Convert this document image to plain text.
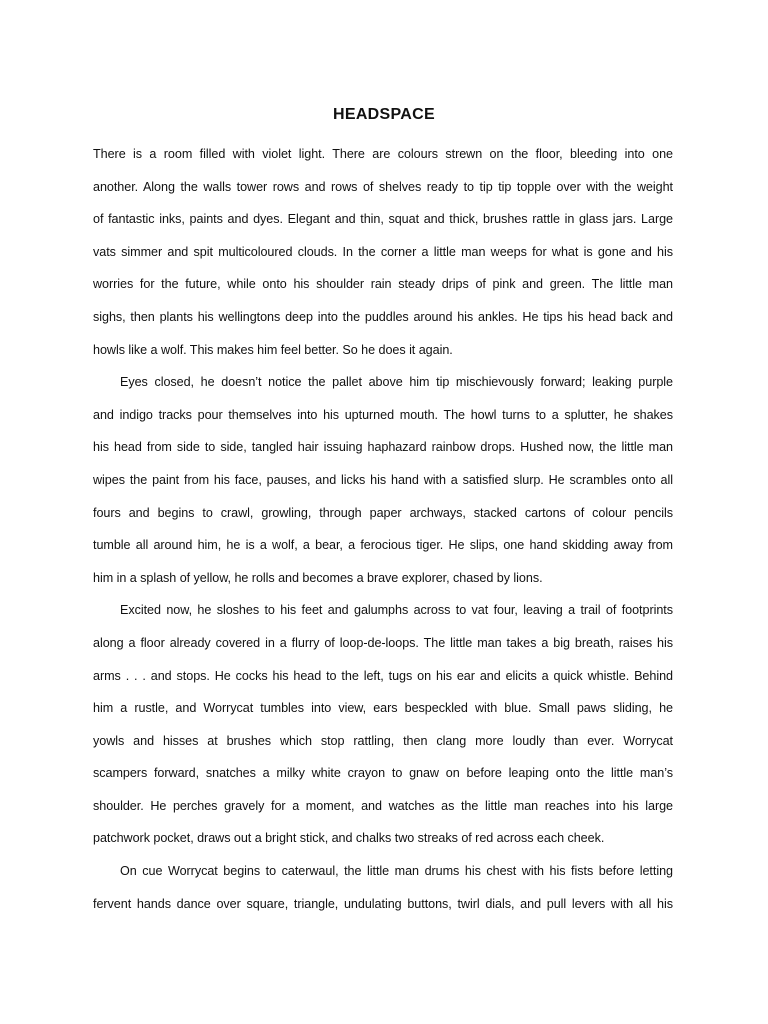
HEADSPACE
There is a room filled with violet light. There are colours strewn on the floor, bleeding into one
another. Along the walls tower rows and rows of shelves ready to tip tip topple over with the weight
of fantastic inks, paints and dyes. Elegant and thin, squat and thick, brushes rattle in glass jars. Large
vats simmer and spit multicoloured clouds. In the corner a little man weeps for what is gone and his
worries for the future, while onto his shoulder rain steady drips of pink and green. The little man
sighs, then plants his wellingtons deep into the puddles around his ankles. He tips his head back and
howls like a wolf. This makes him feel better. So he does it again.
Eyes closed, he doesn’t notice the pallet above him tip mischievously forward; leaking purple
and indigo tracks pour themselves into his upturned mouth. The howl turns to a splutter, he shakes
his head from side to side, tangled hair issuing haphazard rainbow drops. Hushed now, the little man
wipes the paint from his face, pauses, and licks his hand with a satisfied slurp. He scrambles onto all
fours and begins to crawl, growling, through paper archways, stacked cartons of colour pencils
tumble all around him, he is a wolf, a bear, a ferocious tiger. He slips, one hand skidding away from
him in a splash of yellow, he rolls and becomes a brave explorer, chased by lions.
Excited now, he sloshes to his feet and galumphs across to vat four, leaving a trail of footprints
along a floor already covered in a flurry of loop-de-loops. The little man takes a big breath, raises his
arms . . . and stops. He cocks his head to the left, tugs on his ear and elicits a quick whistle. Behind
him a rustle, and Worrycat tumbles into view, ears bespeckled with blue. Small paws sliding, he
yowls and hisses at brushes which stop rattling, then clang more loudly than ever. Worrycat
scampers forward, snatches a milky white crayon to gnaw on before leaping onto the little man’s
shoulder. He perches gravely for a moment, and watches as the little man reaches into his large
patchwork pocket, draws out a bright stick, and chalks two streaks of red across each cheek.
On cue Worrycat begins to caterwaul, the little man drums his chest with his fists before letting
fervent hands dance over square, triangle, undulating buttons, twirl dials, and pull levers with all his
